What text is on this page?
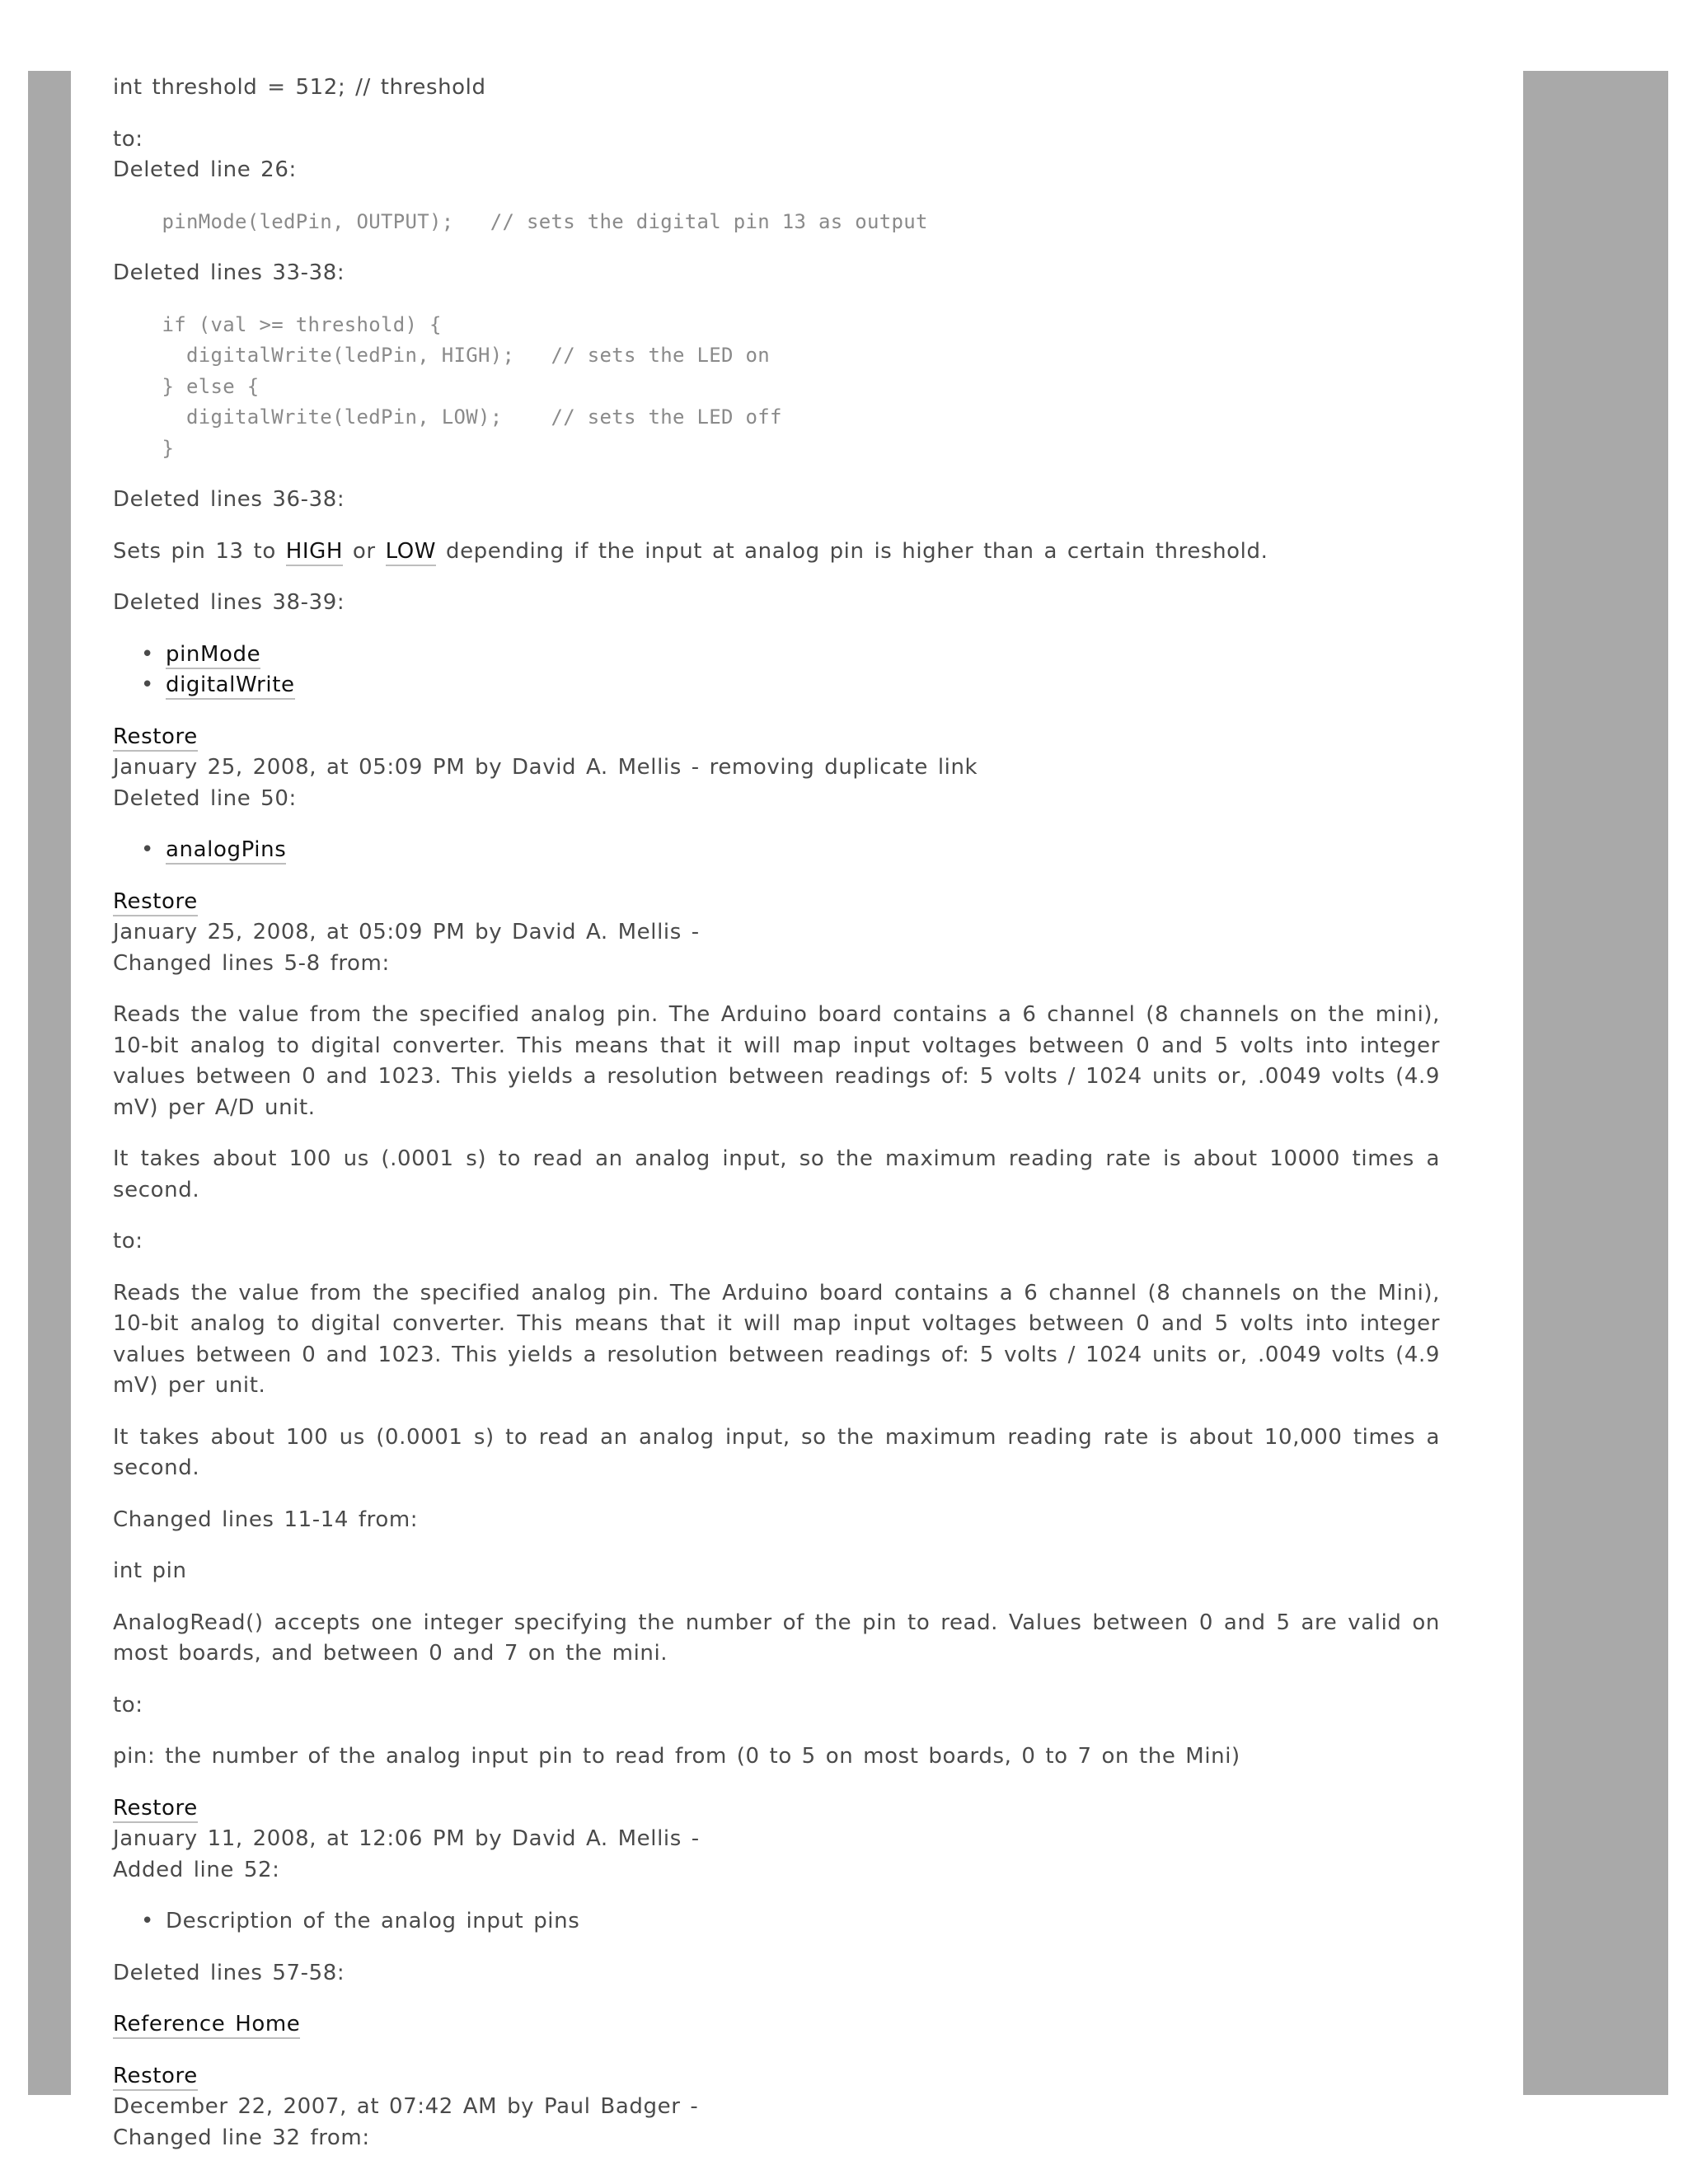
int threshold = 512; // threshold

to:

Deleted line 26:

pinMode(ledPin, OUTPUT);   // sets the digital pin 13 as output

Deleted lines 33-38:

if (val >= threshold) {
digitalWrite(ledPin, HIGH);   // sets the LED on
} else {
digitalWrite(ledPin, LOW);    // sets the LED off
}

Deleted lines 36-38:

Sets pin 13 to HIGH or LOW depending if the input at analog pin is higher than a certain threshold.

Deleted lines 38-39:

• pinMode
• digitalWrite

Restore

January 25, 2008, at 05:09 PM by David A. Mellis - removing duplicate link

Deleted line 50:

• analogPins

Restore

January 25, 2008, at 05:09 PM by David A. Mellis -

Changed lines 5-8 from:

Reads the value from the specified analog pin. The Arduino board contains a 6 channel (8 channels on the mini), 10-bit analog to digital converter. This means that it will map input voltages between 0 and 5 volts into integer values between 0 and 1023. This yields a resolution between readings of: 5 volts / 1024 units or, .0049 volts (4.9 mV) per A/D unit.

It takes about 100 us (.0001 s) to read an analog input, so the maximum reading rate is about 10000 times a second.

to:

Reads the value from the specified analog pin. The Arduino board contains a 6 channel (8 channels on the Mini), 10-bit analog to digital converter. This means that it will map input voltages between 0 and 5 volts into integer values between 0 and 1023. This yields a resolution between readings of: 5 volts / 1024 units or, .0049 volts (4.9 mV) per unit.

It takes about 100 us (0.0001 s) to read an analog input, so the maximum reading rate is about 10,000 times a second.

Changed lines 11-14 from:

int pin

AnalogRead() accepts one integer specifying the number of the pin to read. Values between 0 and 5 are valid on most boards, and between 0 and 7 on the mini.

to:

pin: the number of the analog input pin to read from (0 to 5 on most boards, 0 to 7 on the Mini)

Restore

January 11, 2008, at 12:06 PM by David A. Mellis -

Added line 52:

• Description of the analog input pins

Deleted lines 57-58:

Reference Home

Restore

December 22, 2007, at 07:42 AM by Paul Badger -

Changed line 32 from:
